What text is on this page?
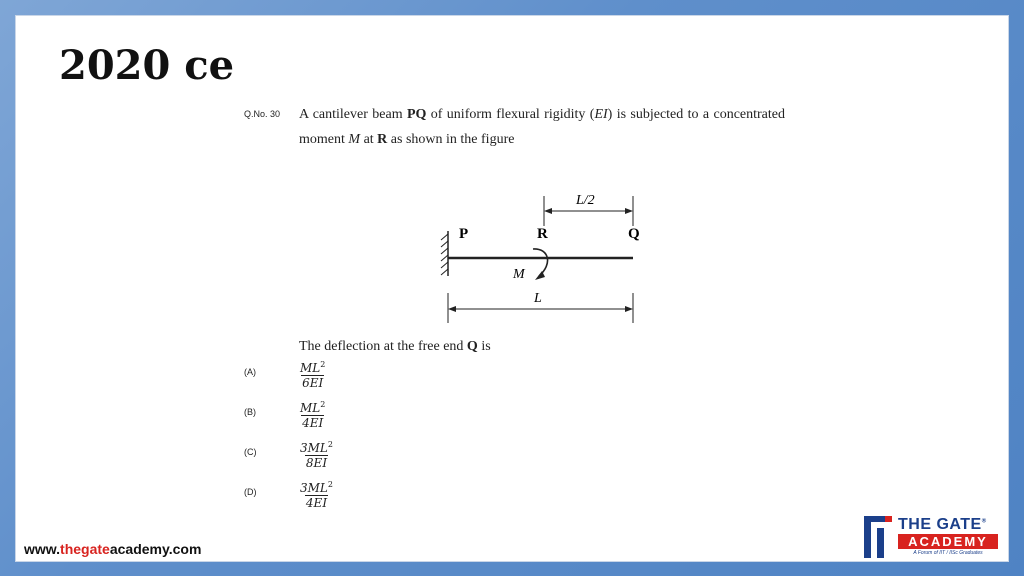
2020 ce
Q.No. 30 A cantilever beam PQ of uniform flexural rigidity (EI) is subjected to a concentrated moment M at R as shown in the figure
P	R	Q
L/2
M
L
The deflection at the free end Q is
(A)	$\frac{ML^2}{6EI}$
(B)	$\frac{ML^2}{4EI}$
(C)	$\frac{3ML^2}{8EI}$
(D)	$\frac{3ML^2}{4EI}$
www.thegateacademy.com
THE GATE®
ACADEMY
A Forum of IIT / IISc Graduates
